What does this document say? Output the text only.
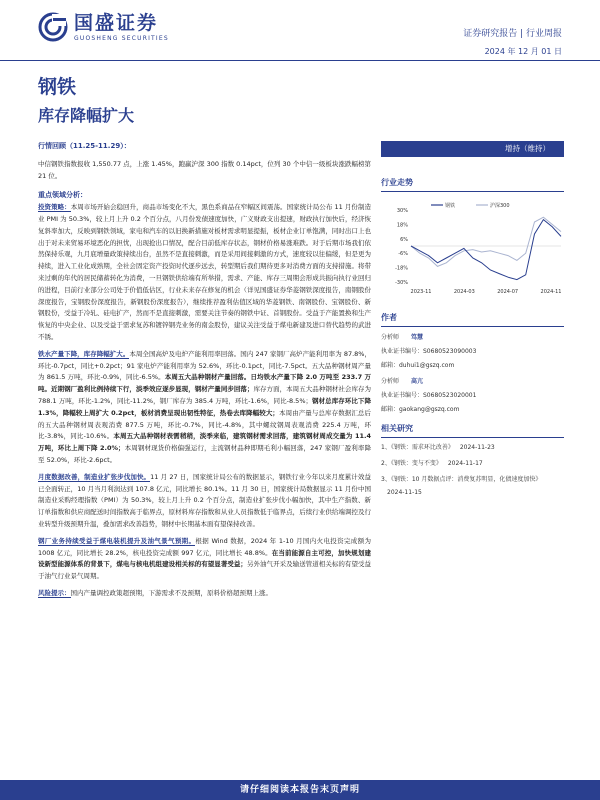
国盛证券
GUOSHENG SECURITIES	证券研究报告 | 行业周报
2024 年 12 月 01 日
钢铁
库存降幅扩大
行情回顾（11.25-11.29）：
中信钢铁指数报收 1,550.77 点，上涨 1.45%，跑赢沪深 300 指数 0.14pct，位列 30 个中信一级板块涨跌幅榜第 21 位。
重点领域分析：
投资策略：本周市场开始会稳回升，商品市场变化不大，黑色系商品在窄幅区间震荡。国家统计局公布 11 月份制造业 PMI 为 50.3%，较上月上升 0.2 个百分点，八月份发债速度加快，广义财政支出提速，财政执行加快后，经济恢复斜率加大，反映到钢铁领域，家电和汽车的以旧换新措施对板材需求明显提振，板材企业订单饱满，同时出口上也出于对未来贸易环境恶化的担忧，出现抢出口情况，配合目前低库存状态，钢材价格易涨难跌。对于后期市场我们依然保持乐观，九月底增量政策持续出台，虽然不是直接刺激，而是采用间接刺激的方式，速度较以往偏缓，但是更为持续，进入工业化成熟期，全社会固定资产投资时代逐步远去，转型期后我们期待更多对消费方面的支持措施。将带来过剩的年代的居民储蓄转化为消费，一旦钢铁供给端有所举措，需求、产能、库存三周期会形成共振向执行业回归的进程，目前行业部分公司处于价值低估区，行业未来存在修复的机会（详见国盛证券华菱钢铁深度报告，南钢股份深度报告，宝钢股份深度报告，新钢股份深度报告），继续推荐盈利估值区域的华菱钢铁、南钢股份、宝钢股份、新钢股份，受益于冷轧、硅电扩产，然而不是直接刺激，需要关注节奏的钢铁中证、首钢股份。受益于产能置换和生产恢复的中央企业、以及受益于需求复苏和镀锌钢壳业务的南金股份，建议关注受益于煤电新建及进口替代趋势的武进不锈。
铁水产量下降，库存降幅扩大。本周全国高炉及电炉产能利用率回落。国内 247 家钢厂高炉产能利用率为 87.8%，环比-0.7pct，同比+0.2pct；91 家电炉产能利用率为 52.6%，环比-0.1pct，同比-7.5pct。五大品种钢材周产量为 861.5 万吨，环比-0.9%，同比-6.5%。本周五大品种钢材产量回落。日均铁水产量下降 2.0 万吨至 233.7 万吨。近期钢厂盈利比例持续下行，淡季效应逐步显现，钢材产量同步回落；库存方面，本周五大品种钢材社会库存为 788.1 万吨，环比-1.2%，同比-11.2%，钢厂库存为 385.4 万吨，环比-1.6%，同比-8.5%；钢材总库存环比下降 1.3%，降幅较上周扩大 0.2pct，板材消费呈现出韧性特征，热卷去库降幅较大；本周由产量与总库存数据汇总后的五大品种钢材周表观消费 877.5 万吨，环比-0.7%，同比-4.8%，其中螺纹钢周表观消费 225.4 万吨，环比-3.8%，同比-10.6%。本周五大品种钢材表需稍稍，淡季来临，建筑钢材需求回落，建筑钢材周成交量为 11.4 万吨，环比上周下降 2.0%；本周钢材现货价格偏强运行，主流钢材品种即期毛利小幅回落，247 家钢厂盈利率降至 52.0%，环比-2.6pct。
月度数据改善，制造业扩张步伐加快。11 月 27 日，国家统计局公布的数据显示，钢铁行业今年以来月度累计效益已全面转正，10 月当月利润达到 107.8 亿元，同比增长 80.1%。11 月 30 日，国家统计局数据显示 11 月份中国制造业采购经理指数（PMI）为 50.3%，较上月上升 0.2 个百分点，制造业扩张步伐小幅加快，其中生产指数、新订单指数和供应商配送时间指数高于临界点，原材料库存指数和从业人员指数低于临界点，后续行业供给端调控及行业转型升级预期升温，叠加需求改善趋势，钢材中长期基本面有望保持改善。
钢厂业务持续受益于煤电装机提升及油气景气预期。根据 Wind 数据，2024 年 1-10 月国内火电投资完成额为 1008 亿元，同比增长 28.2%，核电投资完成额 997 亿元，同比增长 48.8%。在当前能源自主可控，加快规划建设新型能源体系的背景下，煤电与核电机组建设相关标的有望显著受益；另外油气开采及输送管道相关标的有望受益于油气行业景气周期。
风险提示：国内产量调控政策超预期，下游需求不及预期，原料价格超预期上涨。
增持（维持）
行业走势
30%
18%
6%
-6%
-18%
-30%
2023-11	2024-03	2024-07	2024-11
钢铁	沪深300
作者
分析师 笃慧
执业证书编号：S0680523090003
邮箱：duhui1@gszq.com
分析师 高亢
执业证书编号：S0680523020001
邮箱：gaokang@gszq.com
相关研究
1、《钢铁：需求环比改善》 2024-11-23
2、《钢铁：变与不变》 2024-11-17
3、《钢铁：10 月数据点评：消费复苏明显，化债速度加快》2024-11-15
请仔细阅读本报告末页声明
